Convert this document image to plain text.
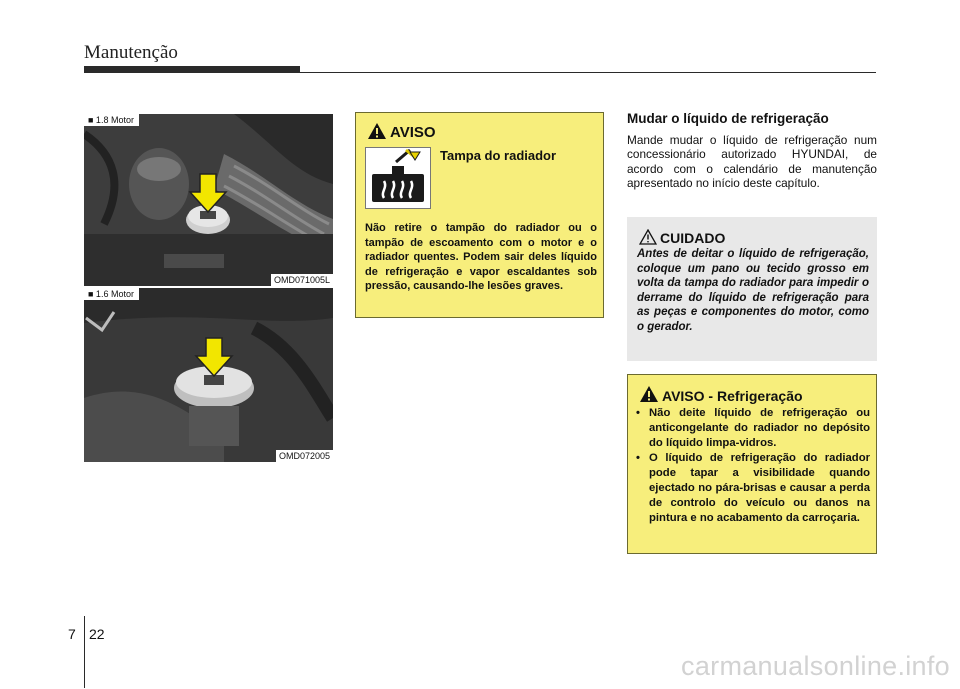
Manutenção
■ 1.8 Motor
OMD071005L
■ 1.6 Motor
OMD072005
AVISO
Tampa do radiador

Não retire o tampão do radiador ou o tampão de escoamento com o motor e o radiador quentes. Podem sair deles líquido de refrigeração e vapor escaldantes sob pressão, causando-lhe lesões graves.

Mudar o líquido de refrigeração

Mande mudar o líquido de refrigeração num concessionário autorizado HYUNDAI, de acordo com o calendário de manutenção apresentado no início deste capítulo.

CUIDADO

Antes de deitar o líquido de refrigeração, coloque um pano ou tecido grosso em volta da tampa do radiador para impedir o derrame do líquido de refrigeração para as peças e componentes do motor, como o gerador.

AVISO - Refrigeração
• Não deite líquido de refrigeração ou anticongelante do radiador no depósito do líquido limpa-vidros.
• O líquido de refrigeração do radiador pode tapar a visibilidade quando ejectado no pára-brisas e causar a perda de controlo do veículo ou danos na pintura e no acabamento da carroçaria.
7 22
carmanualsonline.info
